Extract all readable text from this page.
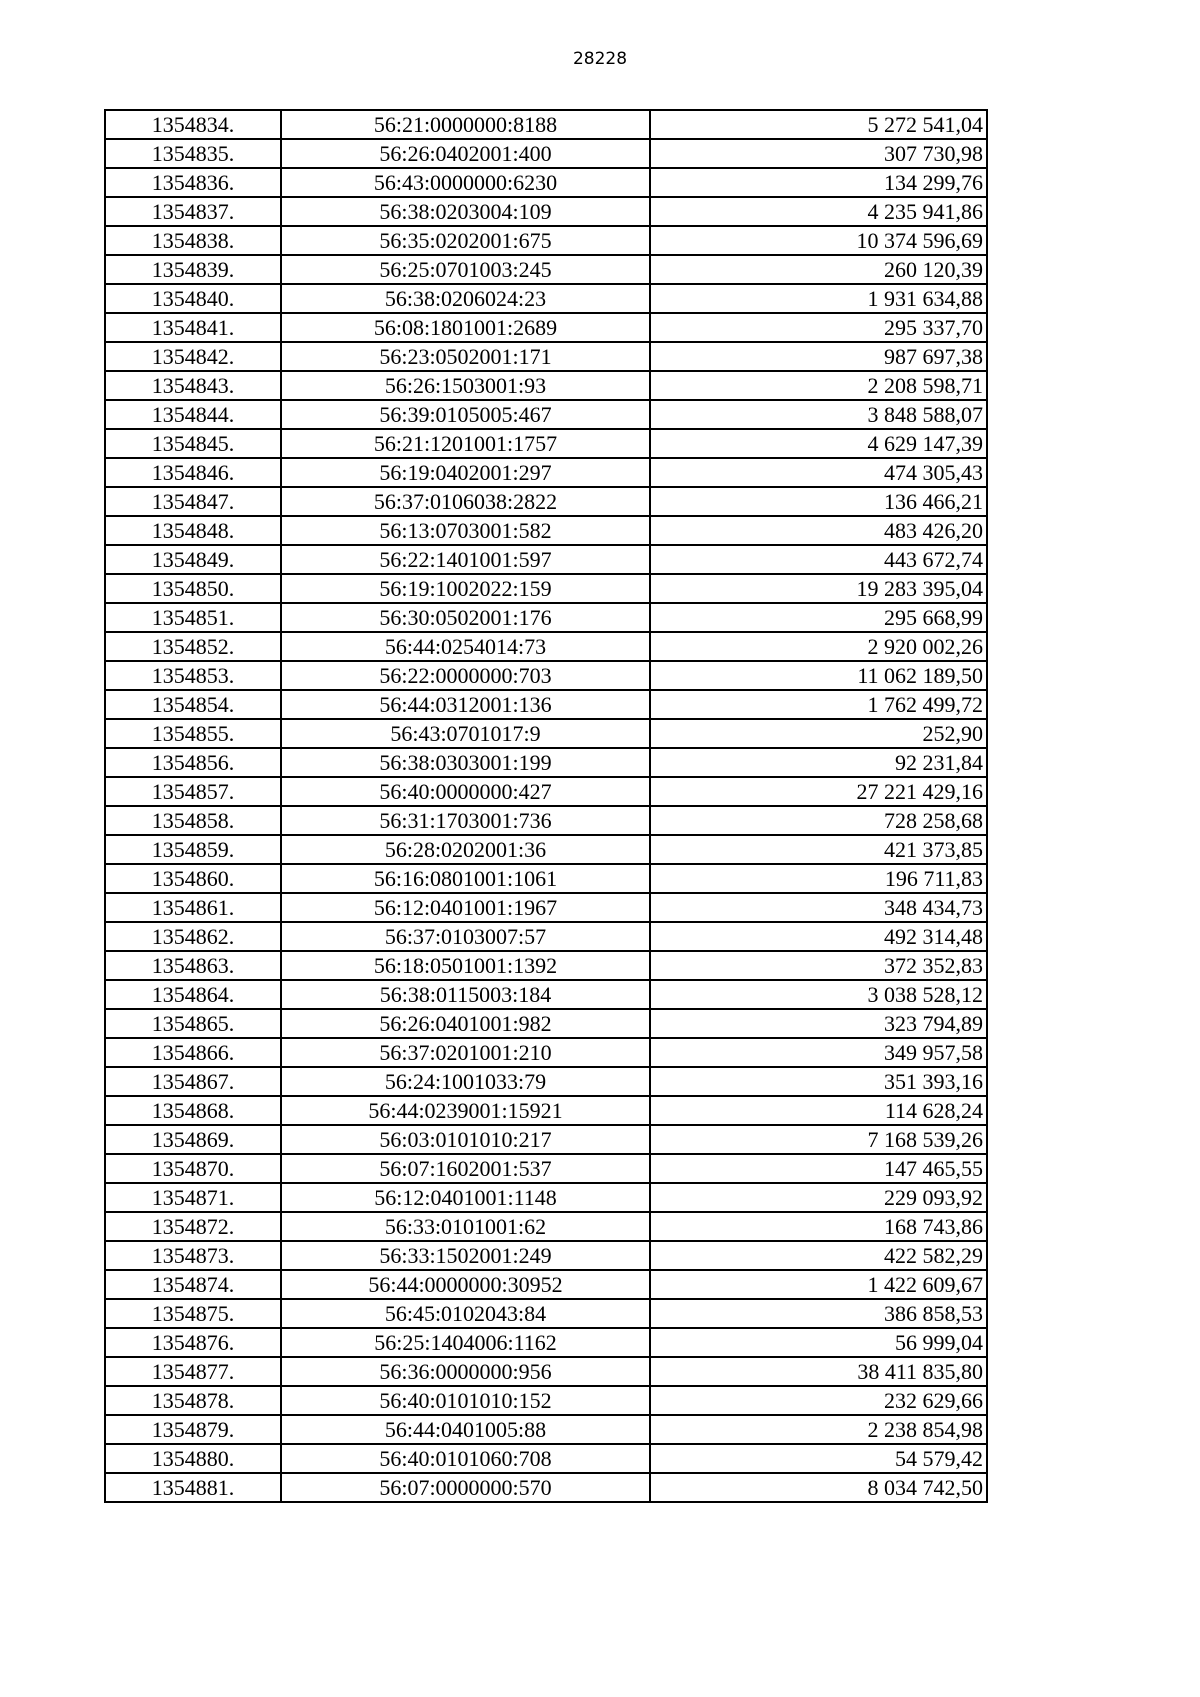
28228
1354834.	56:21:0000000:8188	5 272 541,04
1354835.	56:26:0402001:400	307 730,98
1354836.	56:43:0000000:6230	134 299,76
1354837.	56:38:0203004:109	4 235 941,86
1354838.	56:35:0202001:675	10 374 596,69
1354839.	56:25:0701003:245	260 120,39
1354840.	56:38:0206024:23	1 931 634,88
1354841.	56:08:1801001:2689	295 337,70
1354842.	56:23:0502001:171	987 697,38
1354843.	56:26:1503001:93	2 208 598,71
1354844.	56:39:0105005:467	3 848 588,07
1354845.	56:21:1201001:1757	4 629 147,39
1354846.	56:19:0402001:297	474 305,43
1354847.	56:37:0106038:2822	136 466,21
1354848.	56:13:0703001:582	483 426,20
1354849.	56:22:1401001:597	443 672,74
1354850.	56:19:1002022:159	19 283 395,04
1354851.	56:30:0502001:176	295 668,99
1354852.	56:44:0254014:73	2 920 002,26
1354853.	56:22:0000000:703	11 062 189,50
1354854.	56:44:0312001:136	1 762 499,72
1354855.	56:43:0701017:9	252,90
1354856.	56:38:0303001:199	92 231,84
1354857.	56:40:0000000:427	27 221 429,16
1354858.	56:31:1703001:736	728 258,68
1354859.	56:28:0202001:36	421 373,85
1354860.	56:16:0801001:1061	196 711,83
1354861.	56:12:0401001:1967	348 434,73
1354862.	56:37:0103007:57	492 314,48
1354863.	56:18:0501001:1392	372 352,83
1354864.	56:38:0115003:184	3 038 528,12
1354865.	56:26:0401001:982	323 794,89
1354866.	56:37:0201001:210	349 957,58
1354867.	56:24:1001033:79	351 393,16
1354868.	56:44:0239001:15921	114 628,24
1354869.	56:03:0101010:217	7 168 539,26
1354870.	56:07:1602001:537	147 465,55
1354871.	56:12:0401001:1148	229 093,92
1354872.	56:33:0101001:62	168 743,86
1354873.	56:33:1502001:249	422 582,29
1354874.	56:44:0000000:30952	1 422 609,67
1354875.	56:45:0102043:84	386 858,53
1354876.	56:25:1404006:1162	56 999,04
1354877.	56:36:0000000:956	38 411 835,80
1354878.	56:40:0101010:152	232 629,66
1354879.	56:44:0401005:88	2 238 854,98
1354880.	56:40:0101060:708	54 579,42
1354881.	56:07:0000000:570	8 034 742,50
